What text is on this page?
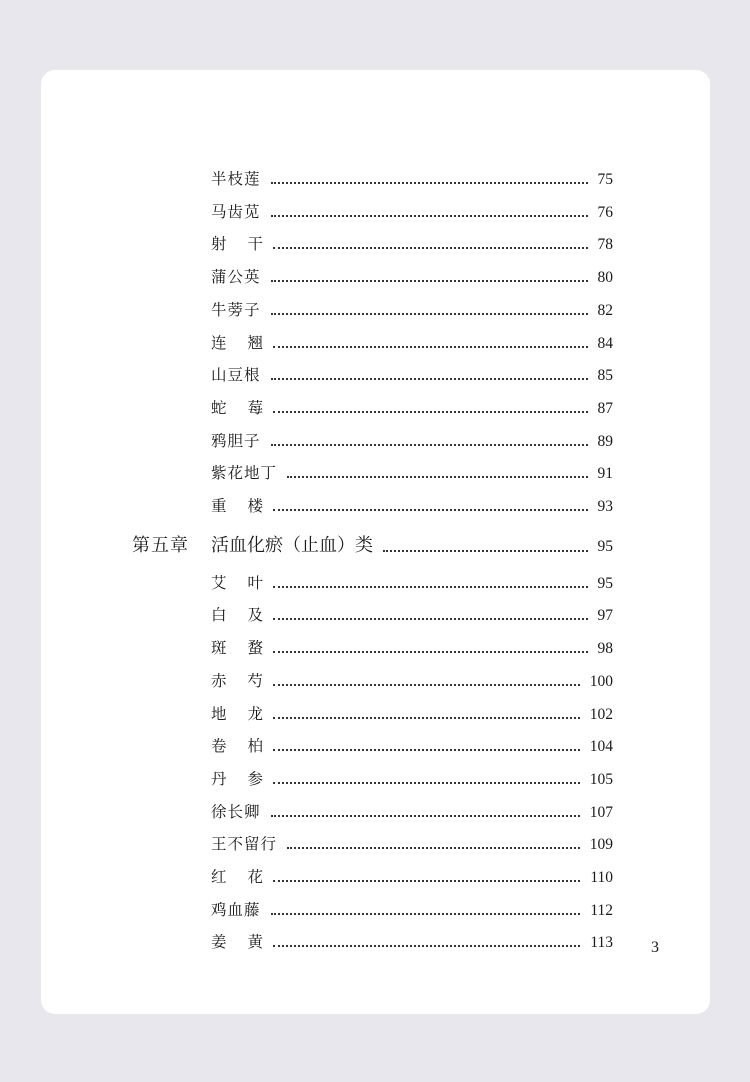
半枝莲	75
马齿苋	76
射　干	78
蒲公英	80
牛蒡子	82
连　翘	84
山豆根	85
蛇　莓	87
鸦胆子	89
紫花地丁	91
重　楼	93
第五章 活血化瘀（止血）类	95
艾　叶	95
白　及	97
斑　蝥	98
赤　芍	100
地　龙	102
卷　柏	104
丹　参	105
徐长卿	107
王不留行	109
红　花	110
鸡血藤	112
姜　黄	113 3
